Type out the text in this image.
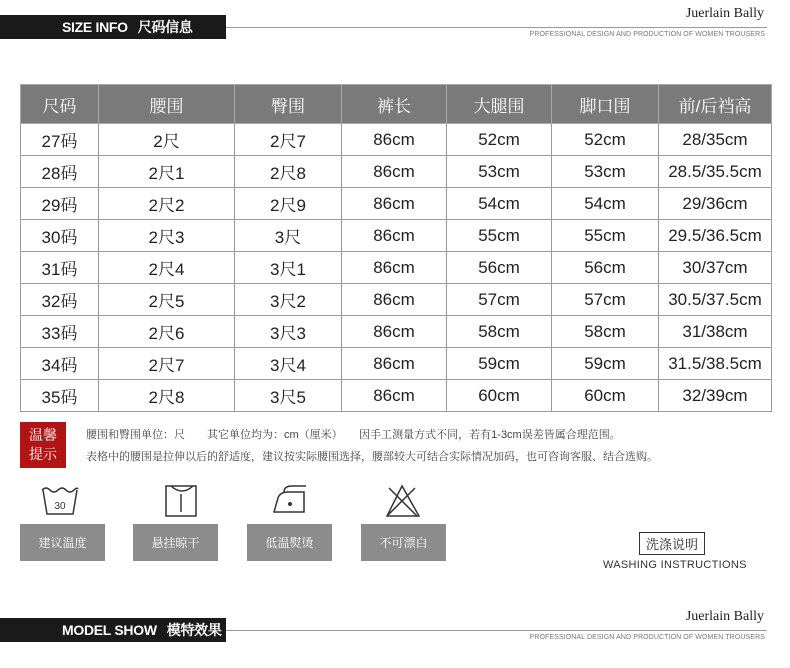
SIZE INFO 尺码信息
Juerlain Bally
PROFESSIONAL DESIGN AND PRODUCTION OF WOMEN TROUSERS
尺码	腰围	臀围	裤长	大腿围	脚口围	前/后裆高
27码	2尺	2尺7	86cm	52cm	52cm	28/35cm
28码	2尺1	2尺8	86cm	53cm	53cm	28.5/35.5cm
29码	2尺2	2尺9	86cm	54cm	54cm	29/36cm
30码	2尺3	3尺	86cm	55cm	55cm	29.5/36.5cm
31码	2尺4	3尺1	86cm	56cm	56cm	30/37cm
32码	2尺5	3尺2	86cm	57cm	57cm	30.5/37.5cm
33码	2尺6	3尺3	86cm	58cm	58cm	31/38cm
34码	2尺7	3尺4	86cm	59cm	59cm	31.5/38.5cm
35码	2尺8	3尺5	86cm	60cm	60cm	32/39cm
温馨
提示
腰围和臀围单位：尺　　其它单位均为：cm（厘米）　　因手工测量方式不同，若有1-3cm误差皆属合理范围。
表格中的腰围是拉伸以后的舒适度，建议按实际腰围选择，腰部较大可结合实际情况加码，也可咨询客服、结合选购。
30
建议温度	悬挂晾干	低温熨烫	不可漂白	洗涤说明
WASHING INSTRUCTIONS
MODEL SHOW 模特效果
Juerlain Bally
PROFESSIONAL DESIGN AND PRODUCTION OF WOMEN TROUSERS
